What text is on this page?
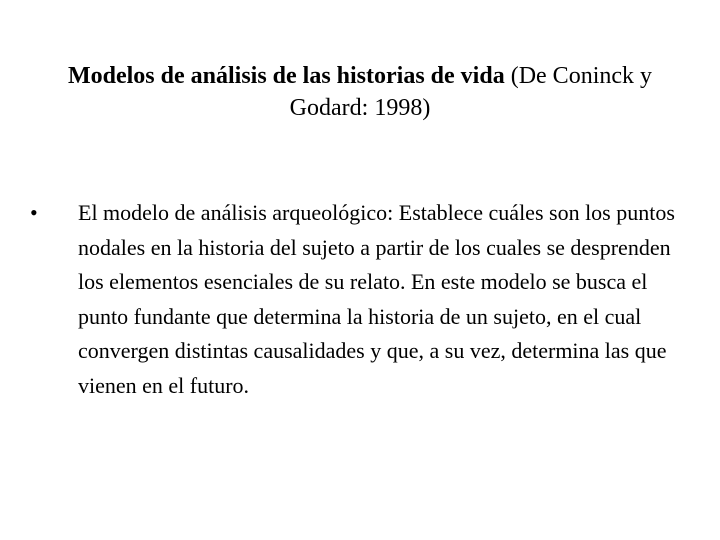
Modelos de análisis de las historias de vida (De Coninck y Godard: 1998)
•	El modelo de análisis arqueológico: Establece cuáles son los puntos nodales en la historia del sujeto a partir de los cuales se desprenden los elementos esenciales de su relato. En este modelo se busca el punto fundante que determina la historia de un sujeto, en el cual convergen distintas causalidades y que, a su vez, determina las que vienen en el futuro.
